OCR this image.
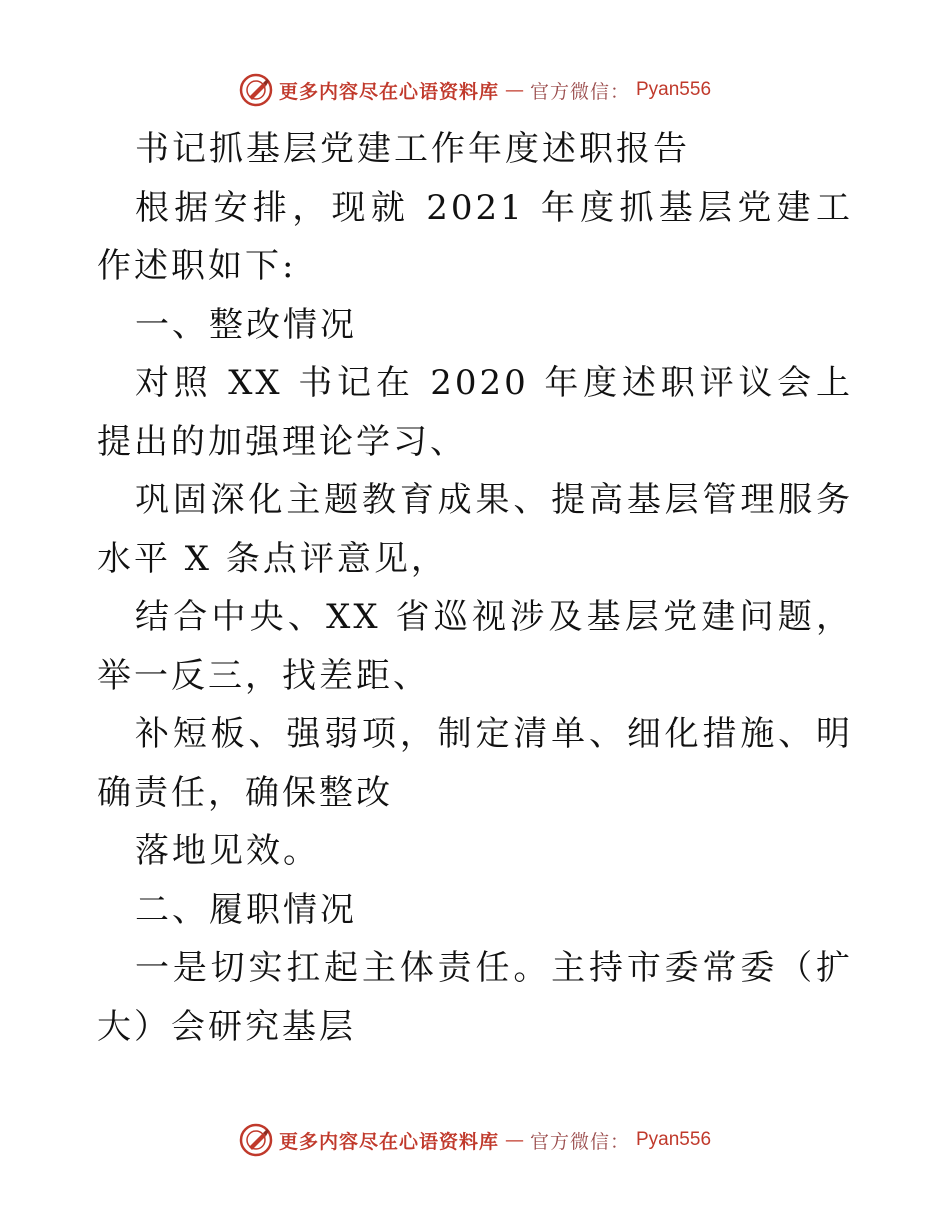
更多内容尽在心语资料库 — 官方微信： Pyan556

书记抓基层党建工作年度述职报告

根据安排，现就 2021 年度抓基层党建工作述职如下:

一、整改情况

对照 XX 书记在 2020 年度述职评议会上提出的加强理论学习、

巩固深化主题教育成果、提高基层管理服务水平 X 条点评意见，

结合中央、XX 省巡视涉及基层党建问题，举一反三，找差距、

补短板、强弱项，制定清单、细化措施、明确责任，确保整改

落地见效。

二、履职情况

一是切实扛起主体责任。主持市委常委（扩大）会研究基层

更多内容尽在心语资料库 — 官方微信： Pyan556
